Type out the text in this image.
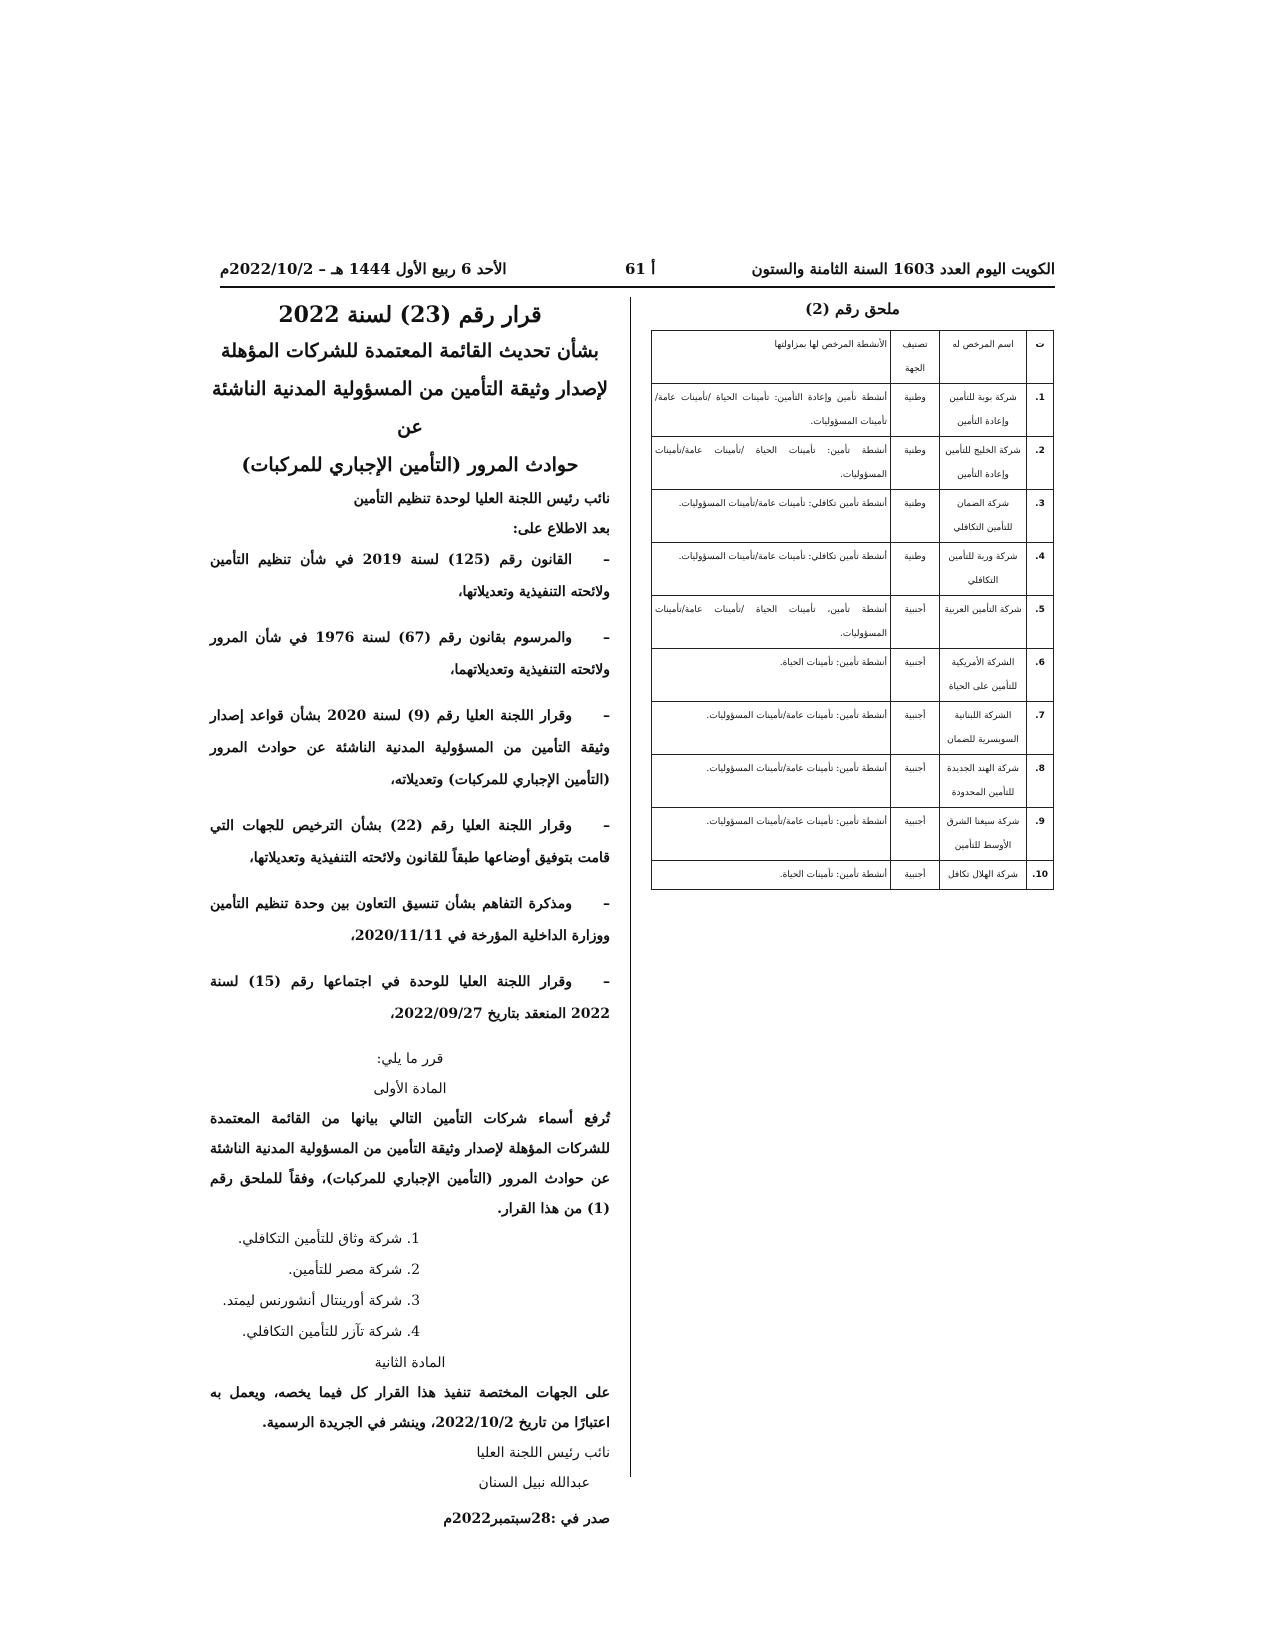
الكويت اليوم العدد 1603 السنة الثامنة والستون
أ 61
الأحد 6 ربيع الأول 1444 هـ – 2022/10/2م
ملحق رقم (2)
ت	اسم المرخص له	تصنيف الجهة	الأنشطة المرخص لها بمزاولتها
1.	شركة بوبة للتأمين وإعادة التأمين	وطنية	أنشطة تأمين وإعادة التأمين: تأمينات الحياة /تأمينات عامة/تأمينات المسؤوليات.
2.	شركة الخليج للتأمين وإعادة التأمين	وطنية	أنشطة تأمين: تأمينات الحياة /تأمينات عامة/تأمينات المسؤوليات.
3.	شركة الضمان للتأمين التكافلي	وطنية	أنشطة تأمين تكافلي: تأمينات عامة/تأمينات المسؤوليات.
4.	شركة وربة للتأمين التكافلي	وطنية	أنشطة تأمين تكافلي: تأمينات عامة/تأمينات المسؤوليات.
5.	شركة التأمين العربية	أجنبية	أنشطة تأمين، تأمينات الحياة /تأمينات عامة/تأمينات المسؤوليات.
6.	الشركة الأمريكية للتأمين على الحياة	أجنبية	أنشطة تأمين: تأمينات الحياة.
7.	الشركة اللبنانية السويسرية للضمان	أجنبية	أنشطة تأمين: تأمينات عامة/تأمينات المسؤوليات.
8.	شركة الهند الجديدة للتأمين المحدودة	أجنبية	أنشطة تأمين: تأمينات عامة/تأمينات المسؤوليات.
9.	شركة سيغنا الشرق الأوسط للتأمين	أجنبية	أنشطة تأمين: تأمينات عامة/تأمينات المسؤوليات.
10.	شركة الهلال تكافل	أجنبية	أنشطة تأمين: تأمينات الحياة.
قرار رقم (23) لسنة 2022
بشأن تحديث القائمة المعتمدة للشركات المؤهلة
لإصدار وثيقة التأمين من المسؤولية المدنية الناشئة عن
حوادث المرور (التأمين الإجباري للمركبات)

نائب رئيس اللجنة العليا لوحدة تنظيم التأمين

بعد الاطلاع على:

–القانون رقم (125) لسنة 2019 في شأن تنظيم التأمين ولائحته التنفيذية وتعديلاتها،

–والمرسوم بقانون رقم (67) لسنة 1976 في شأن المرور ولائحته التنفيذية وتعديلاتهما،

–وقرار اللجنة العليا رقم (9) لسنة 2020 بشأن قواعد إصدار وثيقة التأمين من المسؤولية المدنية الناشئة عن حوادث المرور (التأمين الإجباري للمركبات) وتعديلاته،

–وقرار اللجنة العليا رقم (22) بشأن الترخيص للجهات التي قامت بتوفيق أوضاعها طبقاً للقانون ولائحته التنفيذية وتعديلاتها،

–ومذكرة التفاهم بشأن تنسيق التعاون بين وحدة تنظيم التأمين ووزارة الداخلية المؤرخة في 2020/11/11،

–وقرار اللجنة العليا للوحدة في اجتماعها رقم (15) لسنة 2022 المنعقد بتاريخ 2022/09/27،

قرر ما يلي:
المادة الأولى

تُرفع أسماء شركات التأمين التالي بيانها من القائمة المعتمدة للشركات المؤهلة لإصدار وثيقة التأمين من المسؤولية المدنية الناشئة عن حوادث المرور (التأمين الإجباري للمركبات)، وفقاً للملحق رقم (1) من هذا القرار.

1. شركة وثاق للتأمين التكافلي.
2. شركة مصر للتأمين.
3. شركة أورينتال أنشورنس ليمتد.
4. شركة تآزر للتأمين التكافلي.
المادة الثانية

على الجهات المختصة تنفيذ هذا القرار كل فيما يخصه، ويعمل به اعتبارًا من تاريخ 2022/10/2، وينشر في الجريدة الرسمية.

نائب رئيس اللجنة العليا
عبدالله نبيل السنان
صدر في :28سبتمبر2022م
